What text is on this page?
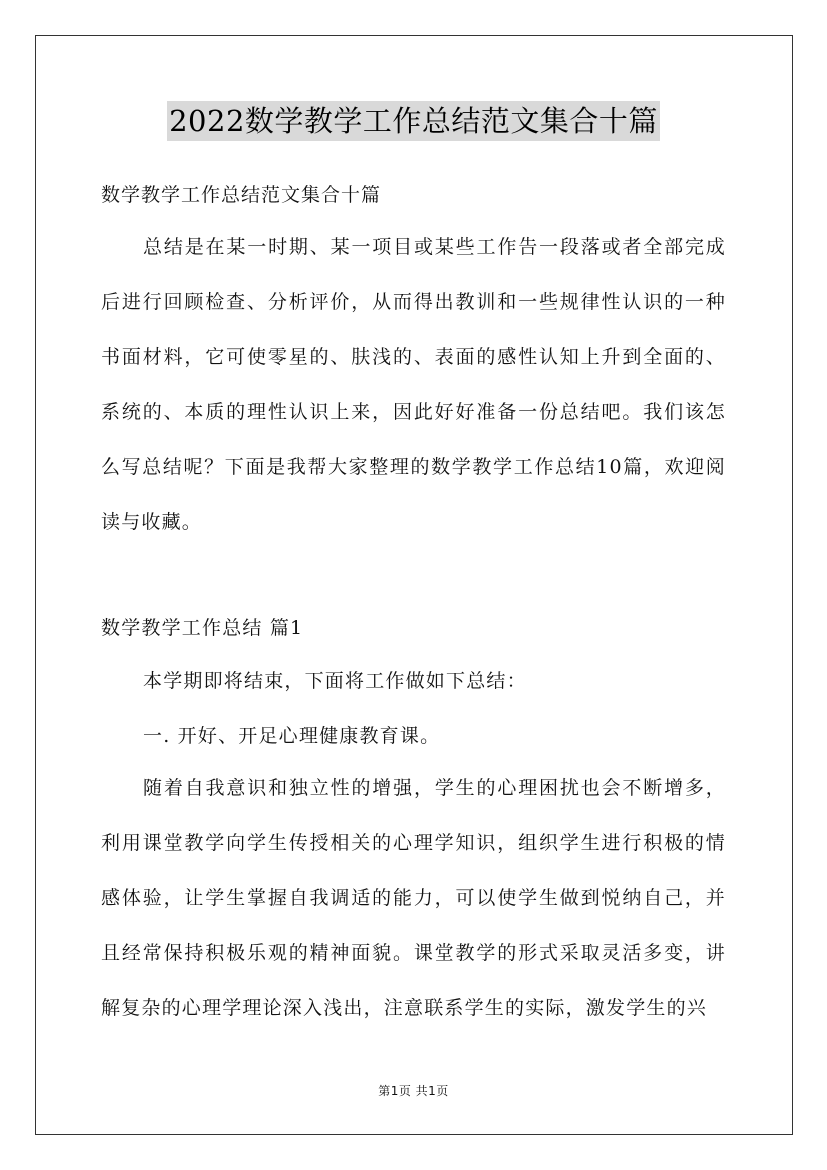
2022数学教学工作总结范文集合十篇
数学教学工作总结范文集合十篇

总结是在某一时期、某一项目或某些工作告一段落或者全部完成后进行回顾检查、分析评价，从而得出教训和一些规律性认识的一种书面材料，它可使零星的、肤浅的、表面的感性认知上升到全面的、系统的、本质的理性认识上来，因此好好准备一份总结吧。我们该怎么写总结呢？下面是我帮大家整理的数学教学工作总结10篇，欢迎阅读与收藏。

数学教学工作总结 篇1
本学期即将结束，下面将工作做如下总结：
一. 开好、开足心理健康教育课。

随着自我意识和独立性的增强，学生的心理困扰也会不断增多，利用课堂教学向学生传授相关的心理学知识，组织学生进行积极的情感体验，让学生掌握自我调适的能力，可以使学生做到悦纳自己，并且经常保持积极乐观的精神面貌。课堂教学的形式采取灵活多变，讲解复杂的心理学理论深入浅出，注意联系学生的实际，激发学生的兴

第1页 共1页
